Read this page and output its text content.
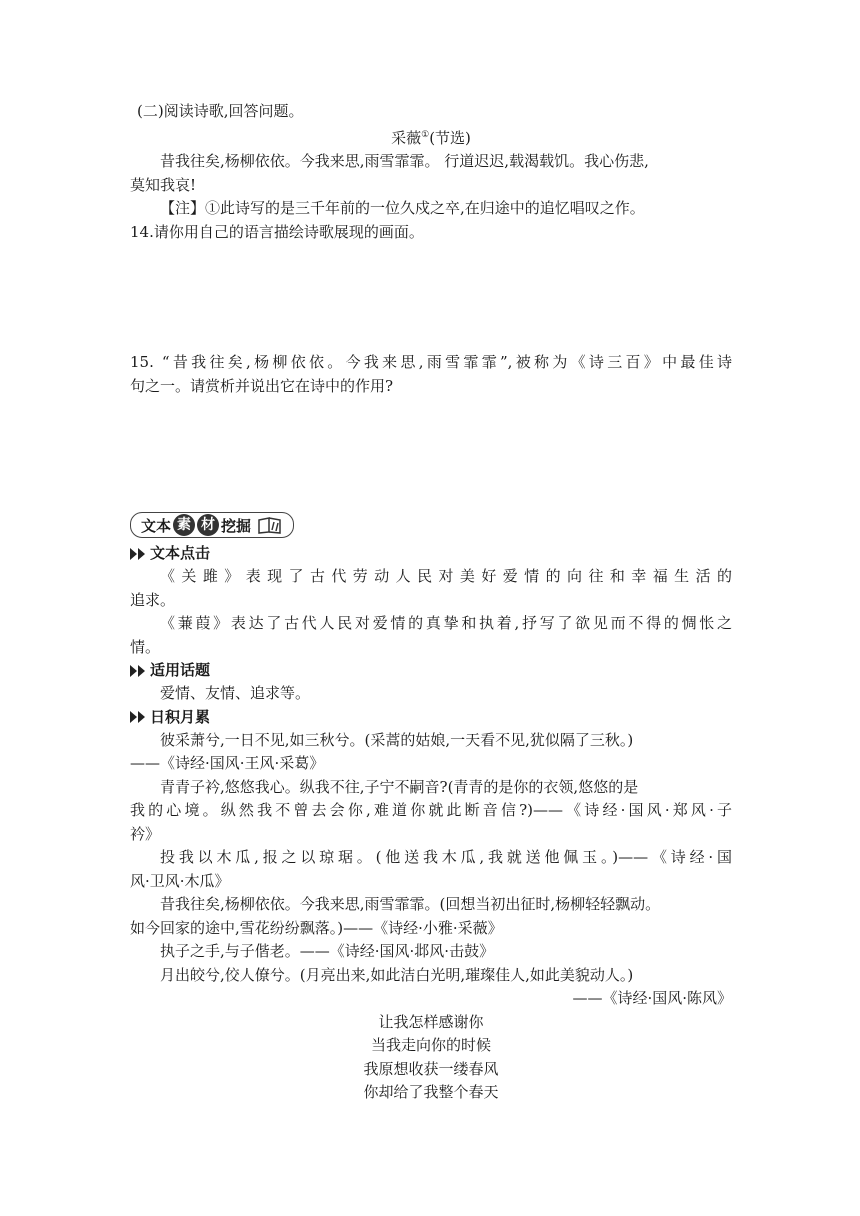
(二)阅读诗歌,回答问题。

采薇①(节选)

昔我往矣,杨柳依依。今我来思,雨雪霏霏。 行道迟迟,载渴载饥。我心伤悲,

莫知我哀!

【注】①此诗写的是三千年前的一位久戍之卒,在归途中的追忆唱叹之作。

14.请你用自己的语言描绘诗歌展现的画面。

15. “昔我往矣,杨柳依依。今我来思,雨雪霏霏”,被称为《诗三百》中最佳诗

句之一。请赏析并说出它在诗中的作用?

文本 素 材 挖掘
文本点击

《关雎》表现了古代劳动人民对美好爱情的向往和幸福生活的

追求。

《蒹葭》表达了古代人民对爱情的真挚和执着,抒写了欲见而不得的惆怅之

情。

适用话题

爱情、友情、追求等。

日积月累

彼采萧兮,一日不见,如三秋兮。(采蒿的姑娘,一天看不见,犹似隔了三秋。)

——《诗经·国风·王风·采葛》

青青子衿,悠悠我心。纵我不往,子宁不嗣音?(青青的是你的衣领,悠悠的是

我的心境。纵然我不曾去会你,难道你就此断音信?)——《诗经·国风·郑风·子

衿》

投我以木瓜,报之以琼琚。(他送我木瓜,我就送他佩玉。)——《诗经·国

风·卫风·木瓜》

昔我往矣,杨柳依依。今我来思,雨雪霏霏。(回想当初出征时,杨柳轻轻飘动。

如今回家的途中,雪花纷纷飘落。)——《诗经·小雅·采薇》

执子之手,与子偕老。——《诗经·国风·邶风·击鼓》

月出皎兮,佼人僚兮。(月亮出来,如此洁白光明,璀璨佳人,如此美貌动人。)

——《诗经·国风·陈风》

让我怎样感谢你

当我走向你的时候

我原想收获一缕春风

你却给了我整个春天
